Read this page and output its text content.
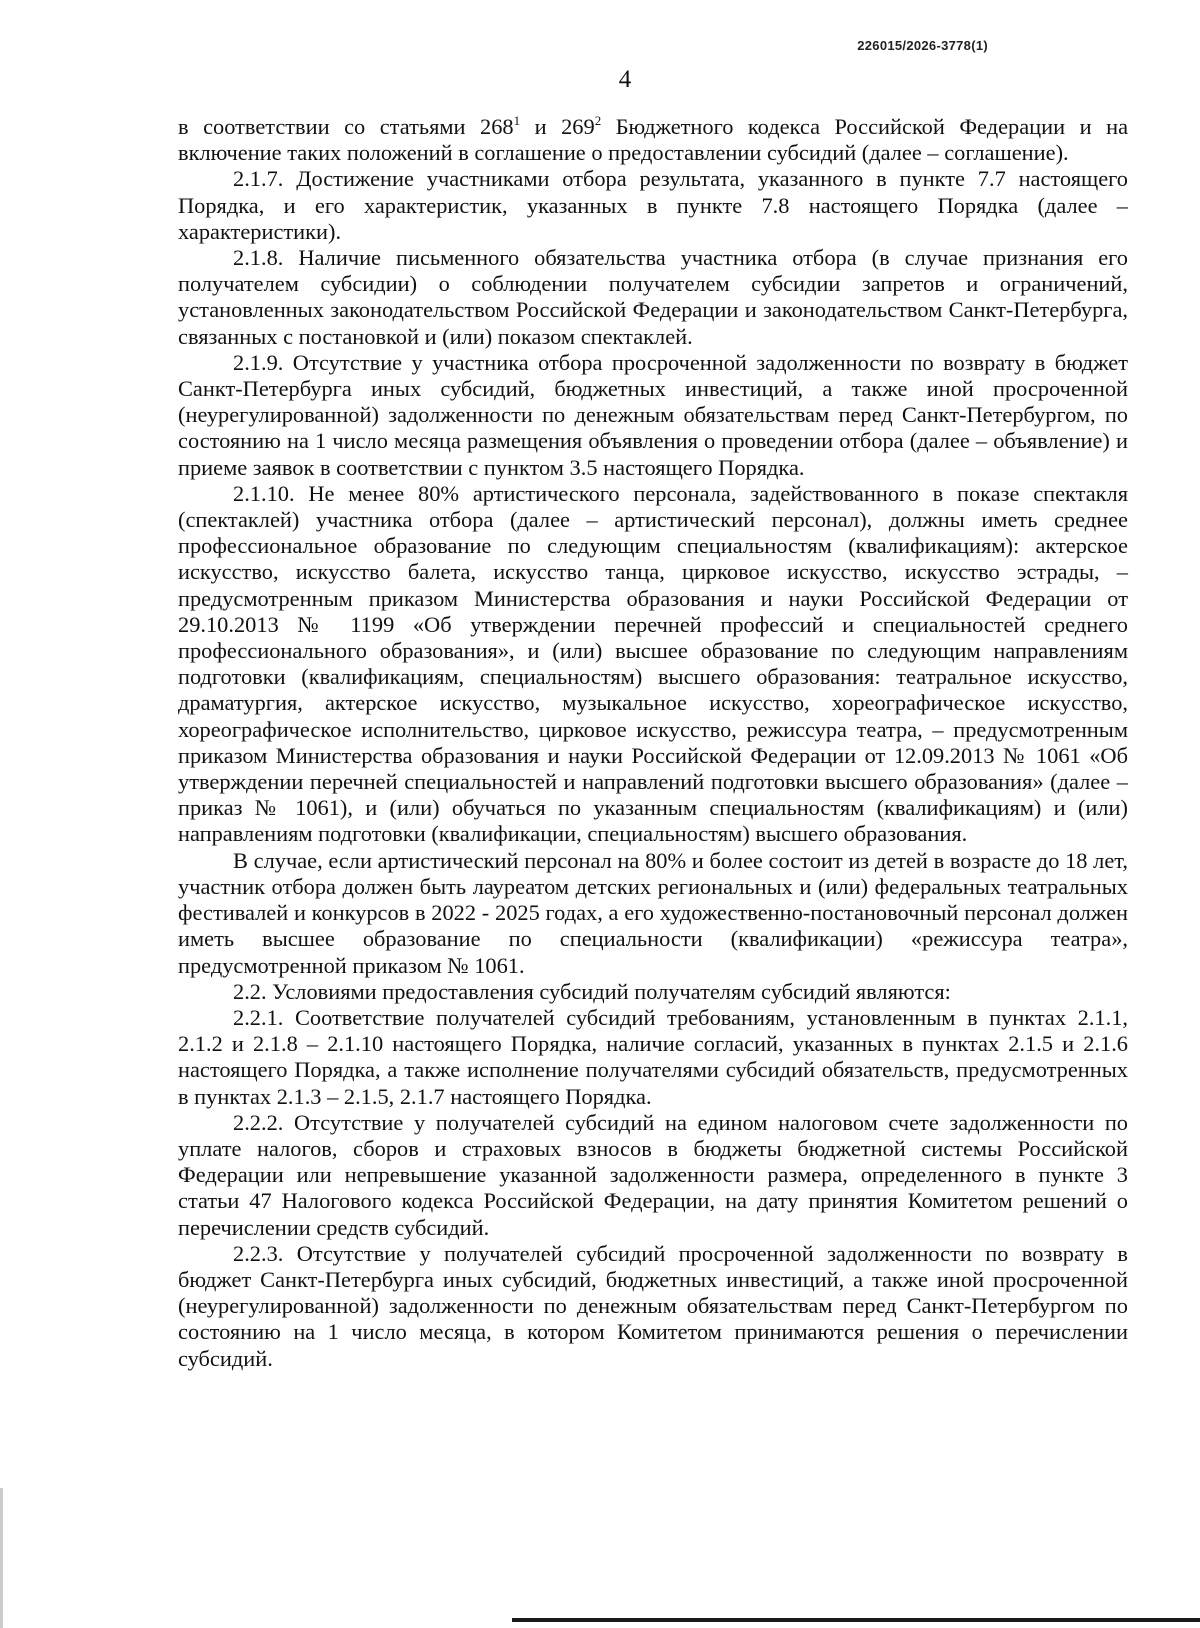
226015/2026-3778(1)
4

в соответствии со статьями $268^1$ и $269^2$ Бюджетного кодекса Российской Федерации и на включение таких положений в соглашение о предоставлении субсидий (далее – соглашение).

2.1.7. Достижение участниками отбора результата, указанного в пункте 7.7 настоящего Порядка, и его характеристик, указанных в пункте 7.8 настоящего Порядка (далее – характеристики).

2.1.8. Наличие письменного обязательства участника отбора (в случае признания его получателем субсидии) о соблюдении получателем субсидии запретов и ограничений, установленных законодательством Российской Федерации и законодательством Санкт-Петербурга, связанных с постановкой и (или) показом спектаклей.

2.1.9. Отсутствие у участника отбора просроченной задолженности по возврату в бюджет Санкт-Петербурга иных субсидий, бюджетных инвестиций, а также иной просроченной (неурегулированной) задолженности по денежным обязательствам перед Санкт-Петербургом, по состоянию на 1 число месяца размещения объявления о проведении отбора (далее – объявление) и приеме заявок в соответствии с пунктом 3.5 настоящего Порядка.

2.1.10. Не менее 80% артистического персонала, задействованного в показе спектакля (спектаклей) участника отбора (далее – артистический персонал), должны иметь среднее профессиональное образование по следующим специальностям (квалификациям): актерское искусство, искусство балета, искусство танца, цирковое искусство, искусство эстрады, – предусмотренным приказом Министерства образования и науки Российской Федерации от 29.10.2013 № 1199 «Об утверждении перечней профессий и специальностей среднего профессионального образования», и (или) высшее образование по следующим направлениям подготовки (квалификациям, специальностям) высшего образования: театральное искусство, драматургия, актерское искусство, музыкальное искусство, хореографическое искусство, хореографическое исполнительство, цирковое искусство, режиссура театра, – предусмотренным приказом Министерства образования и науки Российской Федерации от 12.09.2013 № 1061 «Об утверждении перечней специальностей и направлений подготовки высшего образования» (далее – приказ № 1061), и (или) обучаться по указанным специальностям (квалификациям) и (или) направлениям подготовки (квалификации, специальностям) высшего образования.

В случае, если артистический персонал на 80% и более состоит из детей в возрасте до 18 лет, участник отбора должен быть лауреатом детских региональных и (или) федеральных театральных фестивалей и конкурсов в 2022 - 2025 годах, а его художественно-постановочный персонал должен иметь высшее образование по специальности (квалификации) «режиссура театра», предусмотренной приказом № 1061.

2.2. Условиями предоставления субсидий получателям субсидий являются:

2.2.1. Соответствие получателей субсидий требованиям, установленным в пунктах 2.1.1, 2.1.2 и 2.1.8 – 2.1.10 настоящего Порядка, наличие согласий, указанных в пунктах 2.1.5 и 2.1.6 настоящего Порядка, а также исполнение получателями субсидий обязательств, предусмотренных в пунктах 2.1.3 – 2.1.5, 2.1.7 настоящего Порядка.

2.2.2. Отсутствие у получателей субсидий на едином налоговом счете задолженности по уплате налогов, сборов и страховых взносов в бюджеты бюджетной системы Российской Федерации или непревышение указанной задолженности размера, определенного в пункте 3 статьи 47 Налогового кодекса Российской Федерации, на дату принятия Комитетом решений о перечислении средств субсидий.

2.2.3. Отсутствие у получателей субсидий просроченной задолженности по возврату в бюджет Санкт-Петербурга иных субсидий, бюджетных инвестиций, а также иной просроченной (неурегулированной) задолженности по денежным обязательствам перед Санкт-Петербургом по состоянию на 1 число месяца, в котором Комитетом принимаются решения о перечислении субсидий.
